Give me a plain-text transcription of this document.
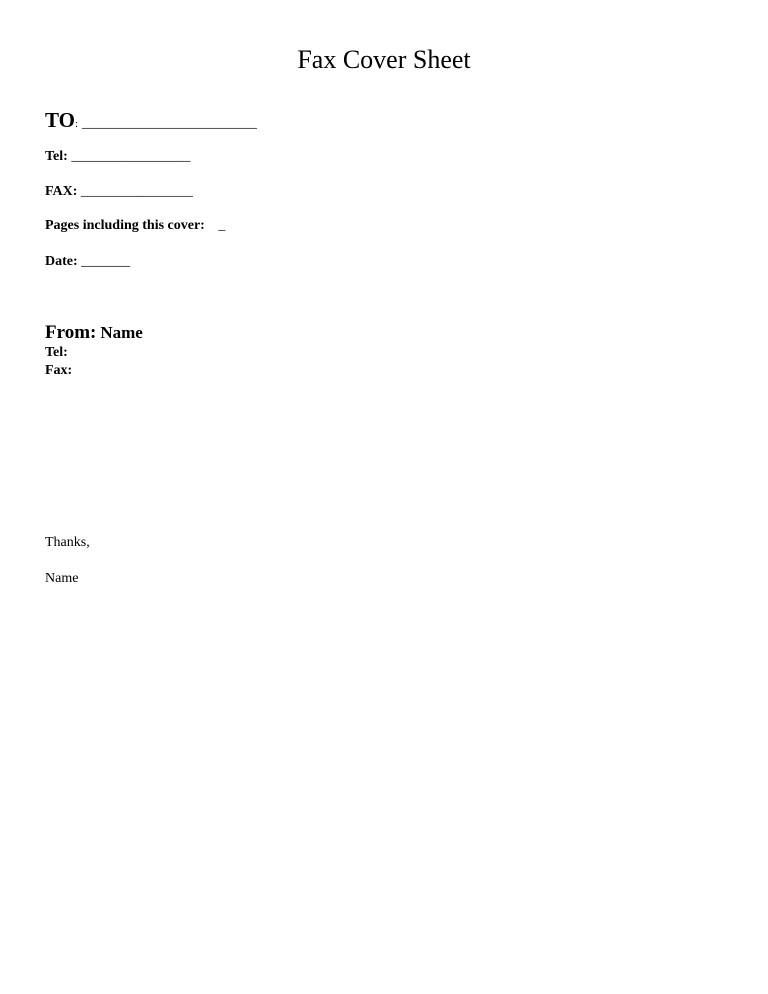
Fax Cover Sheet
TO: _________________________
Tel: _________________
FAX: ________________
Pages including this cover: _
Date: _______
From: Name
Tel:
Fax:
Thanks,
Name
